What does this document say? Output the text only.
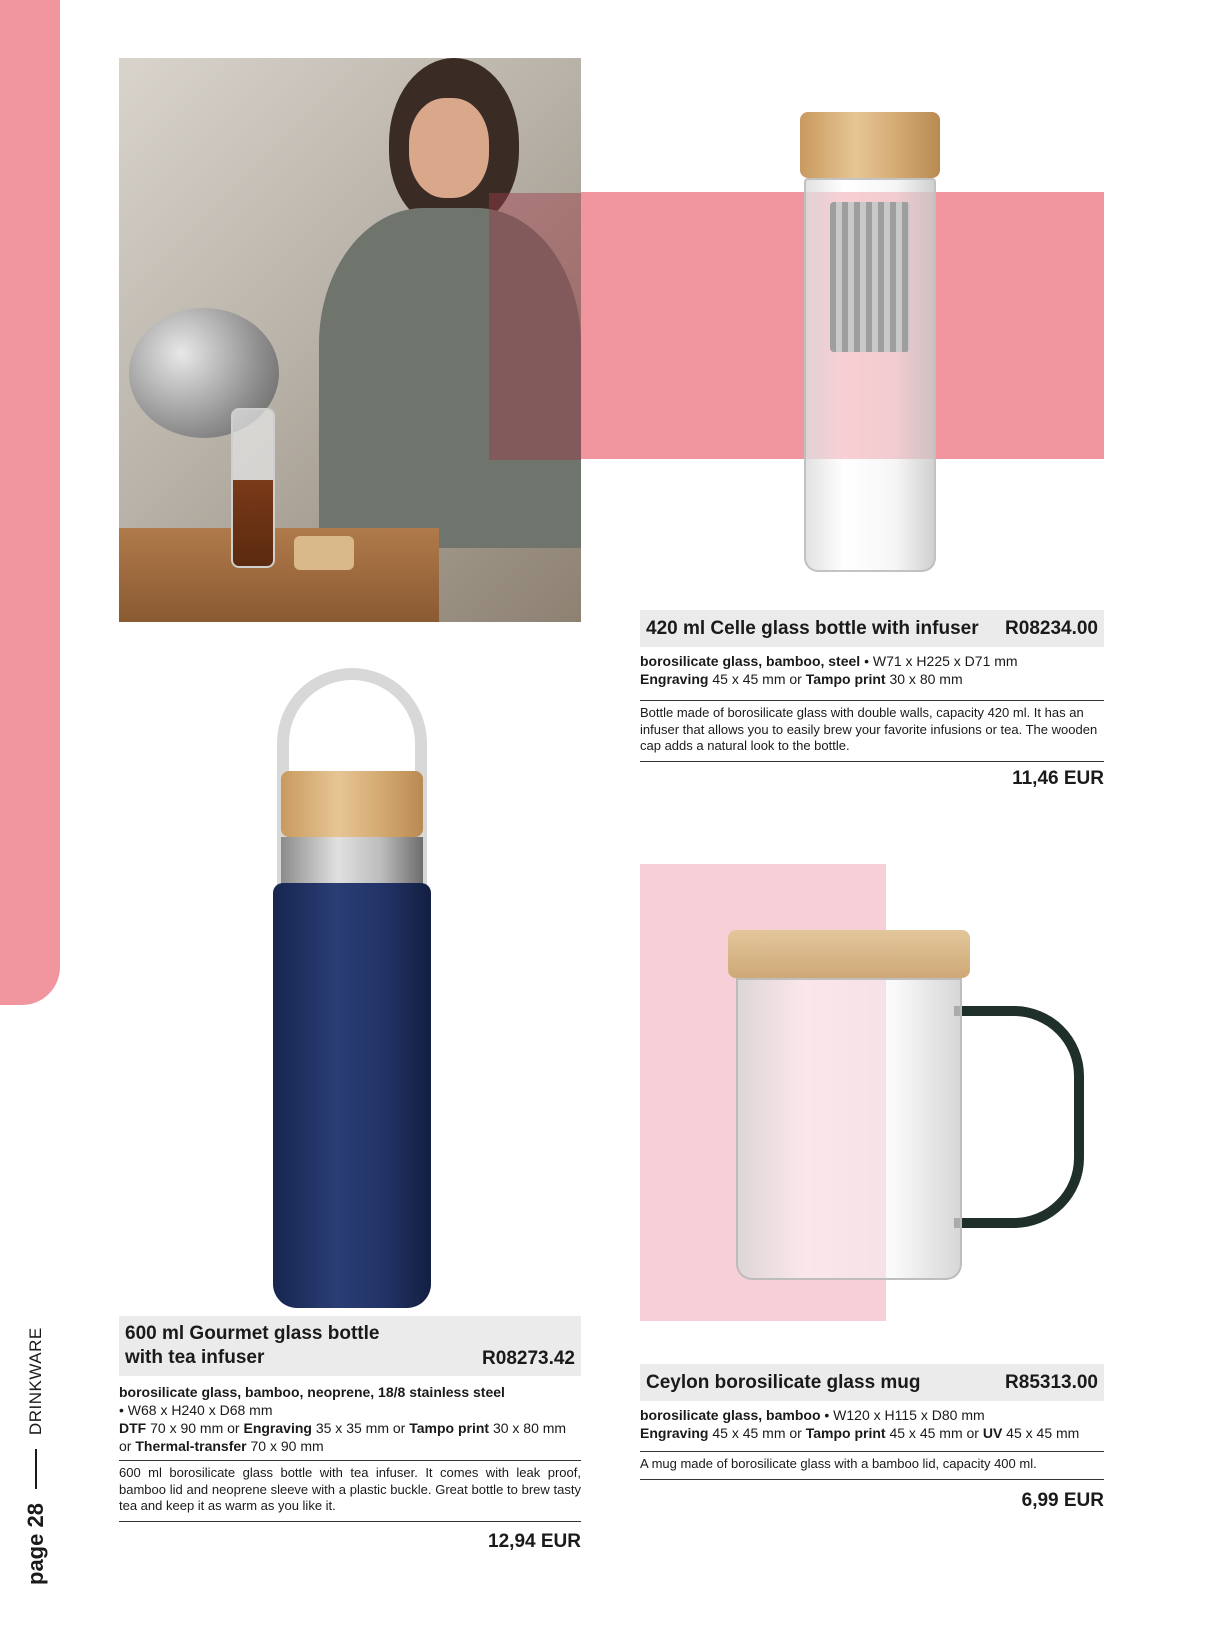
page 28
DRINKWARE
420 ml Celle glass bottle with infuser R08234.00
borosilicate glass, bamboo, steel • W71 x H225 x D71 mm
Engraving 45 x 45 mm or Tampo print 30 x 80 mm
Bottle made of borosilicate glass with double walls, capacity 420 ml. It has an infuser that allows you to easily brew your favorite infusions or tea. The wooden cap adds a natural look to the bottle.
11,46 EUR
600 ml Gourmet glass bottle
with tea infuser	R08273.42
borosilicate glass, bamboo, neoprene, 18/8 stainless steel
• W68 x H240 x D68 mm
DTF 70 x 90 mm or Engraving 35 x 35 mm or Tampo print 30 x 80 mm
or Thermal-transfer 70 x 90 mm
600 ml borosilicate glass bottle with tea infuser. It comes with leak proof, bamboo lid and neoprene sleeve with a plastic buckle. Great bottle to brew tasty tea and keep it as warm as you like it.
12,94 EUR
Ceylon borosilicate glass mug	R85313.00
borosilicate glass, bamboo • W120 x H115 x D80 mm
Engraving 45 x 45 mm or Tampo print 45 x 45 mm or UV 45 x 45 mm
A mug made of borosilicate glass with a bamboo lid, capacity 400 ml.
6,99 EUR
